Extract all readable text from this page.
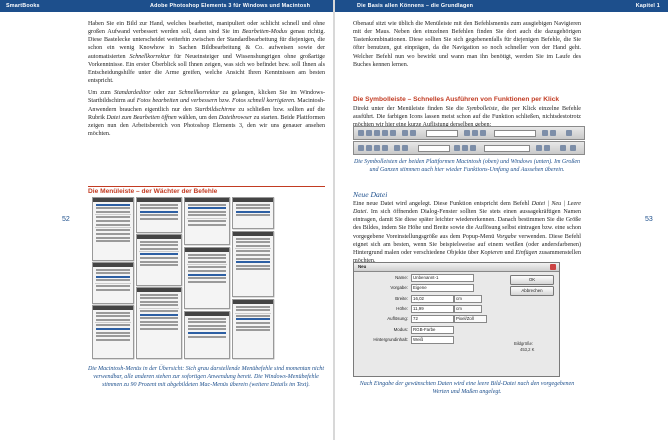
SmartBooks	Adobe Photoshop Elements 3 für Windows und Macintosh

Haben Sie ein Bild zur Hand, welches bearbeitet, manipuliert oder schlicht schnell und ohne großen Aufwand verbessert werden soll, dann sind Sie im Bearbeiten-Modus genau richtig. Diese Bastelecke unterscheidet weiterhin zwischen der Standardbearbeitung für diejenigen, die schon ein wenig Knowhow in Sachen Bildbearbeitung & Co. aufweisen sowie der automatisierten Schnellkorrektur für Neueinsteiger und Wissenshungrigen ohne großartige Vorkenntnisse. Ein erster Überblick soll Ihnen zeigen, was sich wo befindet bzw. soll Ihnen als Entscheidungshilfe unter die Arme greifen, welche Ansicht Ihren Kenntnissen am besten entspricht.

Um zum Standardeditor oder zur Schnellkorrektur zu gelangen, klicken Sie im Windows-Startbildschirm auf Fotos bearbeiten und verbessern bzw. Fotos schnell korrigieren. Macintosh-Anwendern brauchen eigentlich nur den Startbildschirme zu schließen bzw. sollten auf die Rubrik Datei zum Bearbeiten öffnen wählen, um den Dateibrowser zu starten. Beide Plattformen zeigen nun den Arbeitsbereich von Photoshop Elements 3, den wir uns genauer ansehen möchten.

Die Menüleiste – der Wächter der Befehle
52
Die Macintosh-Menüs in der Übersicht: Sich grau darstellende Menübefehle sind momentan nicht verwendbar, alle anderen stehen zur sofortigen Anwendung bereit. Die Windows-Menübefehle stimmen zu 90 Prozent mit abgebildeten Mac-Menüs überein (weitere Details im Text).
Die Basis allen Könnens – die Grundlagen	Kapitel 1

Obenauf sitzt wie üblich die Menüleiste mit den Befehlsmenüs zum ausgiebigen Navigieren mit der Maus. Neben den einzelnen Befehlen finden Sie dort auch die dazugehörigen Tastenkombinationen. Diese sollten Sie sich gegebenenfalls für diejenigen Befehle, die Sie öfter benutzen, gut einprägen, da die Navigation so noch schneller von der Hand geht. Welcher Befehl nun wo bewirkt und wann man ihn benötigt, werden Sie im Laufe des Buches kennen lernen.

Die Symbolleiste – Schnelles Ausführen von Funktionen per Klick

Direkt unter der Menüleiste finden Sie die Symbolleiste, die per Klick einzelne Befehle ausführt. Die farbigen Icons lassen meist schon auf die Funktion schließen, nichtsdestotrotz

Die Symbolleisten der beiden Plattformen Macintosh (oben) und Windows (unten). Im Großen und Ganzen stimmen auch hier wieder Funktions-Umfang und Aussehen überein.
Neue Datei

Eine neue Datei wird angelegt. Diese Funktion entspricht dem Befehl Datei | Neu | Leere Datei. Im sich öffnenden Dialog-Fenster sollten Sie stets einen aussagekräftigen Namen eintragen, damit Sie diese später leichter wiedererkennen. Danach bestimmen Sie die Größe des Bildes, indem Sie Höhe und Breite sowie die Auflösung selbst eintragen bzw. eine schon vorgegebene Voreinstellungsgröße aus dem Popup-Menü Vorgabe verwenden. Diese Befehl eignet sich am besten, wenn Sie beispielsweise auf einem weißen (oder andersfarbenen) Hintergrund malen oder verschiedene Objekte über Kopieren und Einfügen zusammenstellen

53
Neu
Name:	Unbenannt-1
Vorgabe:	Eigene
Breite:	16,02	cm
Höhe:	11,99	cm
Auflösung:	72	Pixel/Zoll
Modus:	RGB-Farbe
Hintergrundinhalt:	Weiß
OK
Abbrechen
Bildgröße:
453,2 K
Nach Eingabe der gewünschten Daten wird eine leere Bild-Datei nach den vorgegebenen Werten und Maßen angelegt.
